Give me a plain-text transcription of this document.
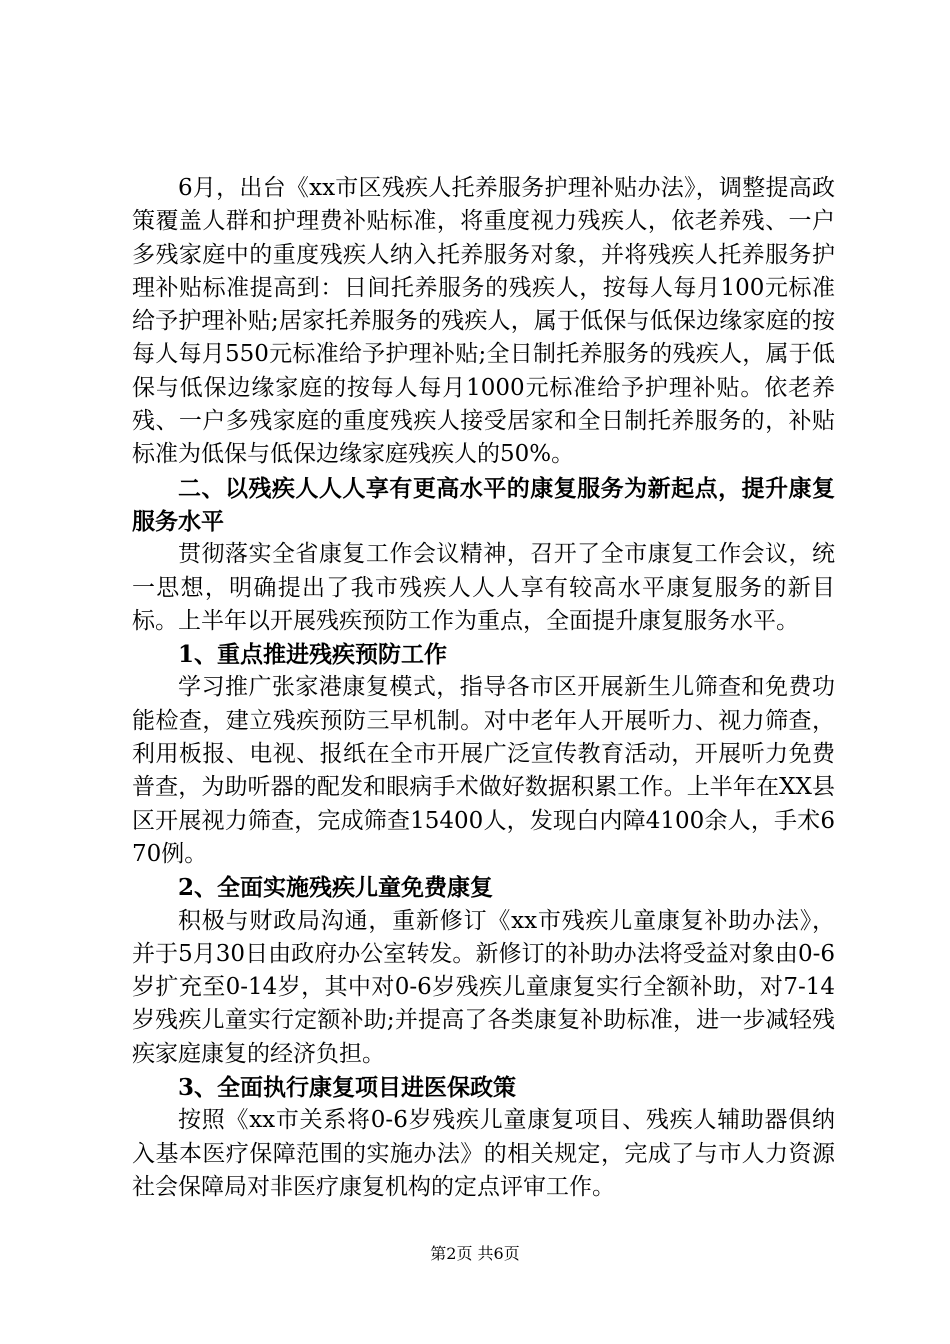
6月，出台《xx市区残疾人托养服务护理补贴办法》，调整提高政策覆盖人群和护理费补贴标准，将重度视力残疾人，依老养残、一户多残家庭中的重度残疾人纳入托养服务对象，并将残疾人托养服务护理补贴标准提高到：日间托养服务的残疾人，按每人每月100元标准给予护理补贴;居家托养服务的残疾人，属于低保与低保边缘家庭的按每人每月550元标准给予护理补贴;全日制托养服务的残疾人，属于低保与低保边缘家庭的按每人每月1000元标准给予护理补贴。依老养残、一户多残家庭的重度残疾人接受居家和全日制托养服务的，补贴标准为低保与低保边缘家庭残疾人的50%。

二、以残疾人人人享有更高水平的康复服务为新起点，提升康复服务水平

贯彻落实全省康复工作会议精神，召开了全市康复工作会议，统一思想，明确提出了我市残疾人人人享有较高水平康复服务的新目标。上半年以开展残疾预防工作为重点，全面提升康复服务水平。

1、重点推进残疾预防工作

学习推广张家港康复模式，指导各市区开展新生儿筛查和免费功能检查，建立残疾预防三早机制。对中老年人开展听力、视力筛查，利用板报、电视、报纸在全市开展广泛宣传教育活动，开展听力免费普查，为助听器的配发和眼病手术做好数据积累工作。上半年在XX县区开展视力筛查，完成筛查15400人，发现白内障4100余人，手术670例。

2、全面实施残疾儿童免费康复

积极与财政局沟通，重新修订《xx市残疾儿童康复补助办法》，并于5月30日由政府办公室转发。新修订的补助办法将受益对象由0-6岁扩充至0-14岁，其中对0-6岁残疾儿童康复实行全额补助，对7-14岁残疾儿童实行定额补助;并提高了各类康复补助标准，进一步减轻残疾家庭康复的经济负担。

3、全面执行康复项目进医保政策

按照《xx市关系将0-6岁残疾儿童康复项目、残疾人辅助器俱纳入基本医疗保障范围的实施办法》的相关规定，完成了与市人力资源社会保障局对非医疗康复机构的定点评审工作。

第2页 共6页
